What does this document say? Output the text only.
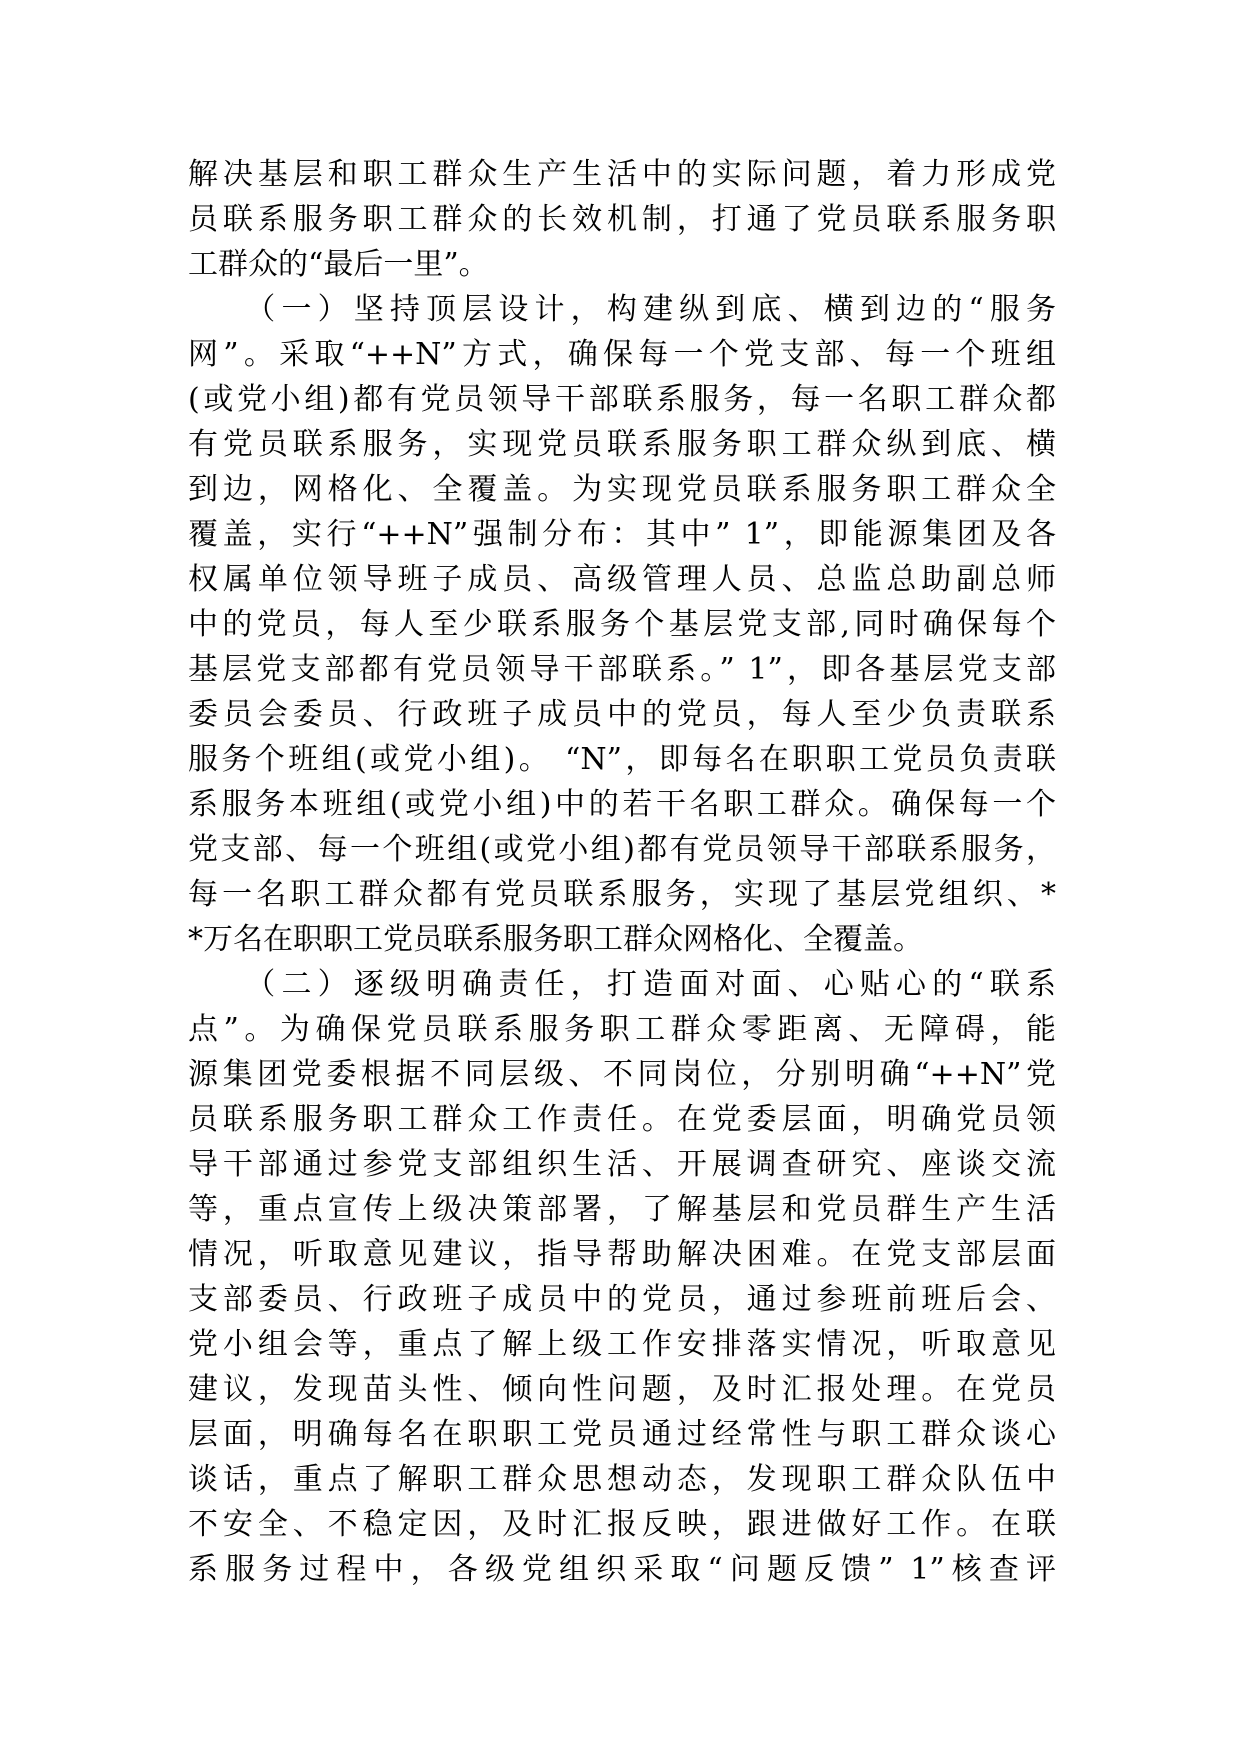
解决基层和职工群众生产生活中的实际问题，着力形成党
员联系服务职工群众的长效机制，打通了党员联系服务职
工群众的“最后一里”。
　　（一）坚持顶层设计，构建纵到底、横到边的“服务
网”。采取“++N”方式，确保每一个党支部、每一个班组
(或党小组)都有党员领导干部联系服务，每一名职工群众都
有党员联系服务，实现党员联系服务职工群众纵到底、横
到边，网格化、全覆盖。为实现党员联系服务职工群众全
覆盖，实行“++N”强制分布：其中” 1”，即能源集团及各
权属单位领导班子成员、高级管理人员、总监总助副总师
中的党员，每人至少联系服务个基层党支部,同时确保每个
基层党支部都有党员领导干部联系。” 1”，即各基层党支部
委员会委员、行政班子成员中的党员，每人至少负责联系
服务个班组(或党小组)。 “N”，即每名在职职工党员负责联
系服务本班组(或党小组)中的若干名职工群众。确保每一个
党支部、每一个班组(或党小组)都有党员领导干部联系服务，
每一名职工群众都有党员联系服务，实现了基层党组织、*
*万名在职职工党员联系服务职工群众网格化、全覆盖。
　　（二）逐级明确责任，打造面对面、心贴心的“联系
点”。为确保党员联系服务职工群众零距离、无障碍，能
源集团党委根据不同层级、不同岗位，分别明确“++N”党
员联系服务职工群众工作责任。在党委层面，明确党员领
导干部通过参党支部组织生活、开展调查研究、座谈交流
等，重点宣传上级决策部署，了解基层和党员群生产生活
情况，听取意见建议，指导帮助解决困难。在党支部层面
支部委员、行政班子成员中的党员，通过参班前班后会、
党小组会等，重点了解上级工作安排落实情况，听取意见
建议，发现苗头性、倾向性问题，及时汇报处理。在党员
层面，明确每名在职职工党员通过经常性与职工群众谈心
谈话，重点了解职工群众思想动态，发现职工群众队伍中
不安全、不稳定因，及时汇报反映，跟进做好工作。在联
系服务过程中，各级党组织采取“问题反馈” 1”核查评
